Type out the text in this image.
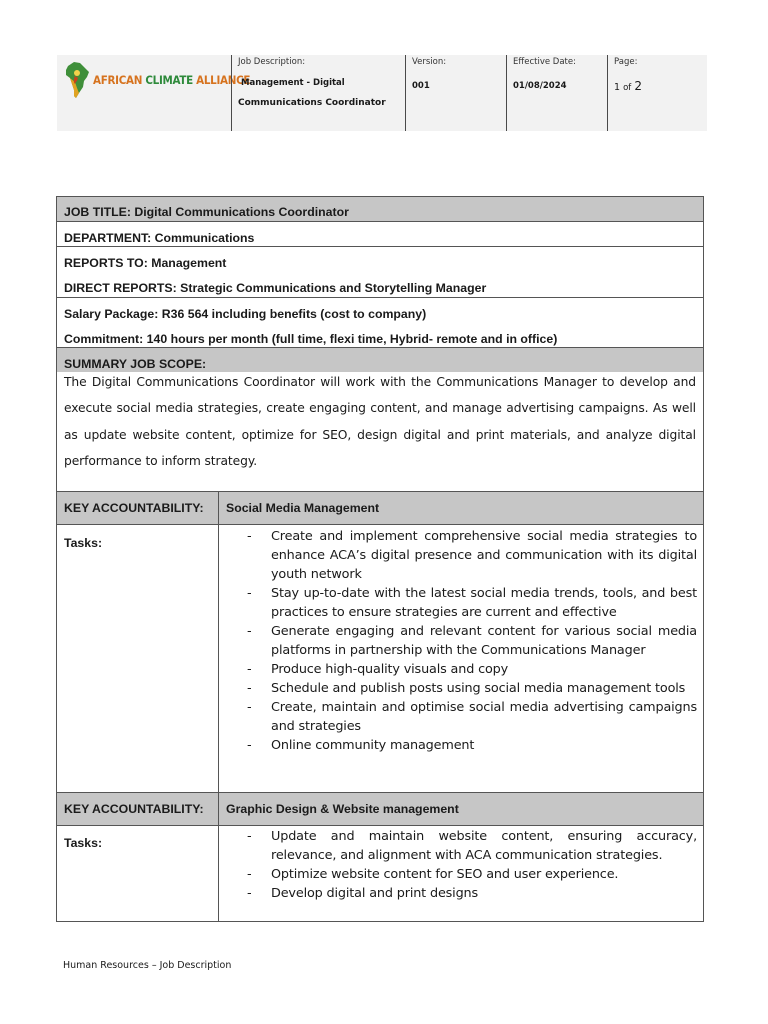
AFRICAN CLIMATE ALLIANCE
Job Description:
Management - Digital
Communications Coordinator
Version:
001
Effective Date:
01/08/2024
Page:
1 of 2
JOB TITLE: Digital Communications Coordinator
DEPARTMENT: Communications
REPORTS TO: Management
DIRECT REPORTS: Strategic Communications and Storytelling Manager
Salary Package: R36 564 including benefits (cost to company)
Commitment: 140 hours per month (full time, flexi time, Hybrid- remote and in office)
SUMMARY JOB SCOPE:

The Digital Communications Coordinator will work with the Communications Manager to develop and execute social media strategies, create engaging content, and manage advertising campaigns. As well as update website content, optimize for SEO, design digital and print materials, and analyze digital performance to inform strategy.

KEY ACCOUNTABILITY:	Social Media Management
Tasks:	- Create and implement comprehensive social media strategies to enhance ACA’s digital presence and communication with its digital youth network
- Stay up-to-date with the latest social media trends, tools, and best practices to ensure strategies are current and effective
- Generate engaging and relevant content for various social media platforms in partnership with the Communications Manager
- Produce high-quality visuals and copy
- Schedule and publish posts using social media management tools
- Create, maintain and optimise social media advertising campaigns and strategies
- Online community management
KEY ACCOUNTABILITY:	Graphic Design & Website management
Tasks:	- Update and maintain website content, ensuring accuracy, relevance, and alignment with ACA communication strategies.
- Optimize website content for SEO and user experience.
- Develop digital and print designs
Human Resources – Job Description
